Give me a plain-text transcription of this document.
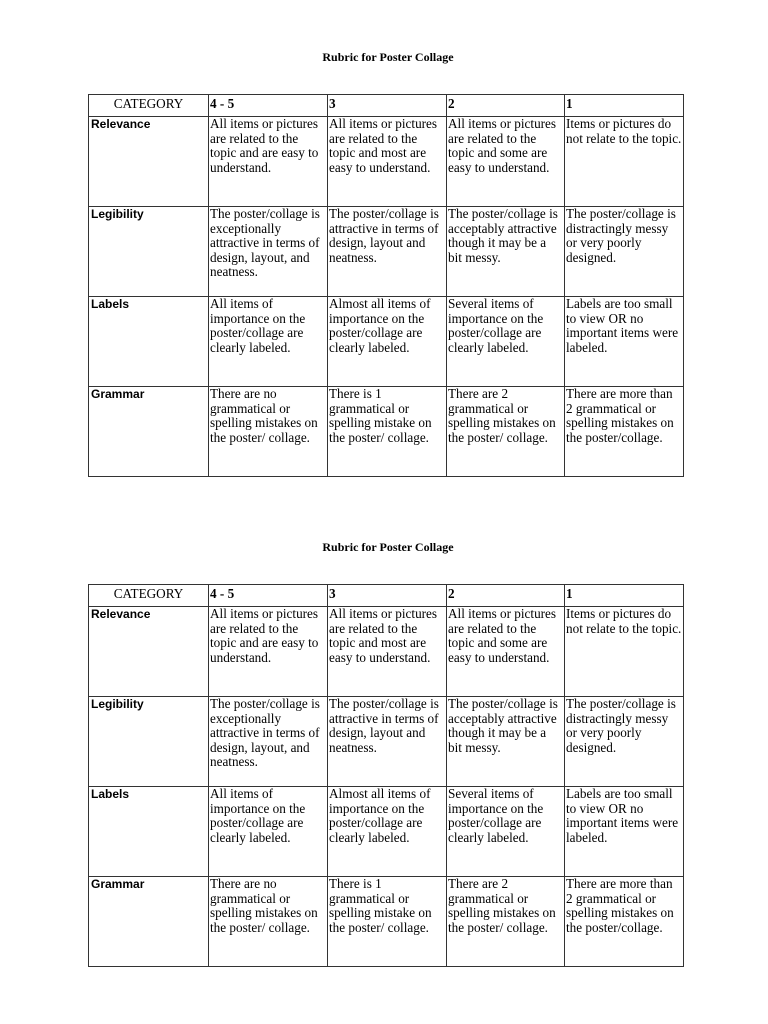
Rubric for Poster Collage
CATEGORY	4 - 5	3	2	1
Relevance	All items or pictures are related to the topic and are easy to understand.	All items or pictures are related to the topic and most are easy to understand.	All items or pictures are related to the topic and some are easy to understand.	Items or pictures do not relate to the topic.
Legibility	The poster/collage is exceptionally attractive in terms of design, layout, and neatness.	The poster/collage is attractive in terms of design, layout and neatness.	The poster/collage is acceptably attractive though it may be a bit messy.	The poster/collage is distractingly messy or very poorly designed.
Labels	All items of importance on the poster/collage are clearly labeled.	Almost all items of importance on the poster/collage are clearly labeled.	Several items of importance on the poster/collage are clearly labeled.	Labels are too small to view OR no important items were labeled.
Grammar	There are no grammatical or spelling mistakes on the poster/ collage.	There is 1 grammatical or spelling mistake on the poster/ collage.	There are 2 grammatical or spelling mistakes on the poster/ collage.	There are more than 2 grammatical or spelling mistakes on the poster/collage.
Rubric for Poster Collage
CATEGORY	4 - 5	3	2	1
Relevance	All items or pictures are related to the topic and are easy to understand.	All items or pictures are related to the topic and most are easy to understand.	All items or pictures are related to the topic and some are easy to understand.	Items or pictures do not relate to the topic.
Legibility	The poster/collage is exceptionally attractive in terms of design, layout, and neatness.	The poster/collage is attractive in terms of design, layout and neatness.	The poster/collage is acceptably attractive though it may be a bit messy.	The poster/collage is distractingly messy or very poorly designed.
Labels	All items of importance on the poster/collage are clearly labeled.	Almost all items of importance on the poster/collage are clearly labeled.	Several items of importance on the poster/collage are clearly labeled.	Labels are too small to view OR no important items were labeled.
Grammar	There are no grammatical or spelling mistakes on the poster/ collage.	There is 1 grammatical or spelling mistake on the poster/ collage.	There are 2 grammatical or spelling mistakes on the poster/ collage.	There are more than 2 grammatical or spelling mistakes on the poster/collage.
